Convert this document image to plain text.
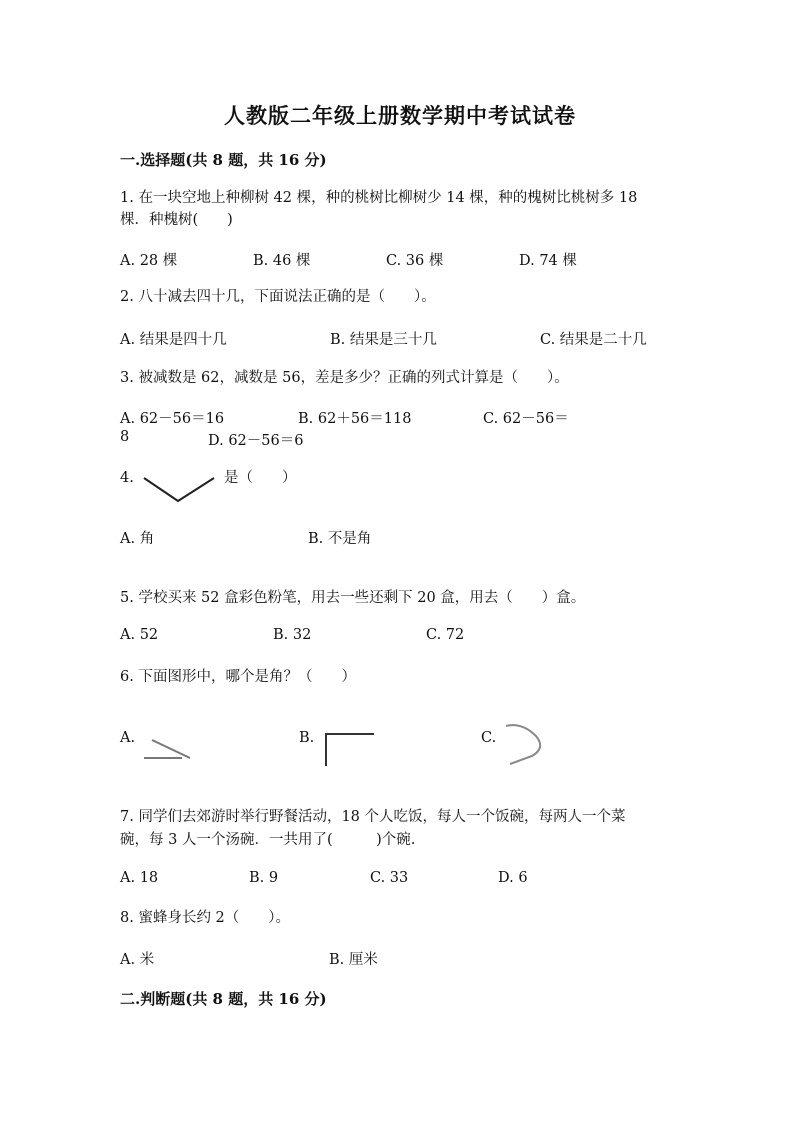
人教版二年级上册数学期中考试试卷
一.选择题(共 8 题，共 16 分)
1. 在一块空地上种柳树 42 棵，种的桃树比柳树少 14 棵，种的槐树比桃树多 18
棵．种槐树(　　)
A. 28 棵	B. 46 棵	C. 36 棵	D. 74 棵
2. 八十减去四十几，下面说法正确的是（　　）。
A. 结果是四十几	B. 结果是三十几	C. 结果是二十几
3. 被减数是 62，减数是 56，差是多少？正确的列式计算是（　　）。
A. 62－56＝16	B. 62＋56＝118	C. 62－56＝
8	D. 62－56＝6
4.	是（　　）
A. 角	B. 不是角
5. 学校买来 52 盒彩色粉笔，用去一些还剩下 20 盒，用去（　　）盒。
A. 52	B. 32	C. 72
6. 下面图形中，哪个是角？（　　）
A.	B.	C.
7. 同学们去郊游时举行野餐活动，18 个人吃饭，每人一个饭碗，每两人一个菜
碗，每 3 人一个汤碗．一共用了(　　　)个碗.
A. 18	B. 9	C. 33	D. 6
8. 蜜蜂身长约 2（　　）。
A. 米	B. 厘米
二.判断题(共 8 题，共 16 分)
